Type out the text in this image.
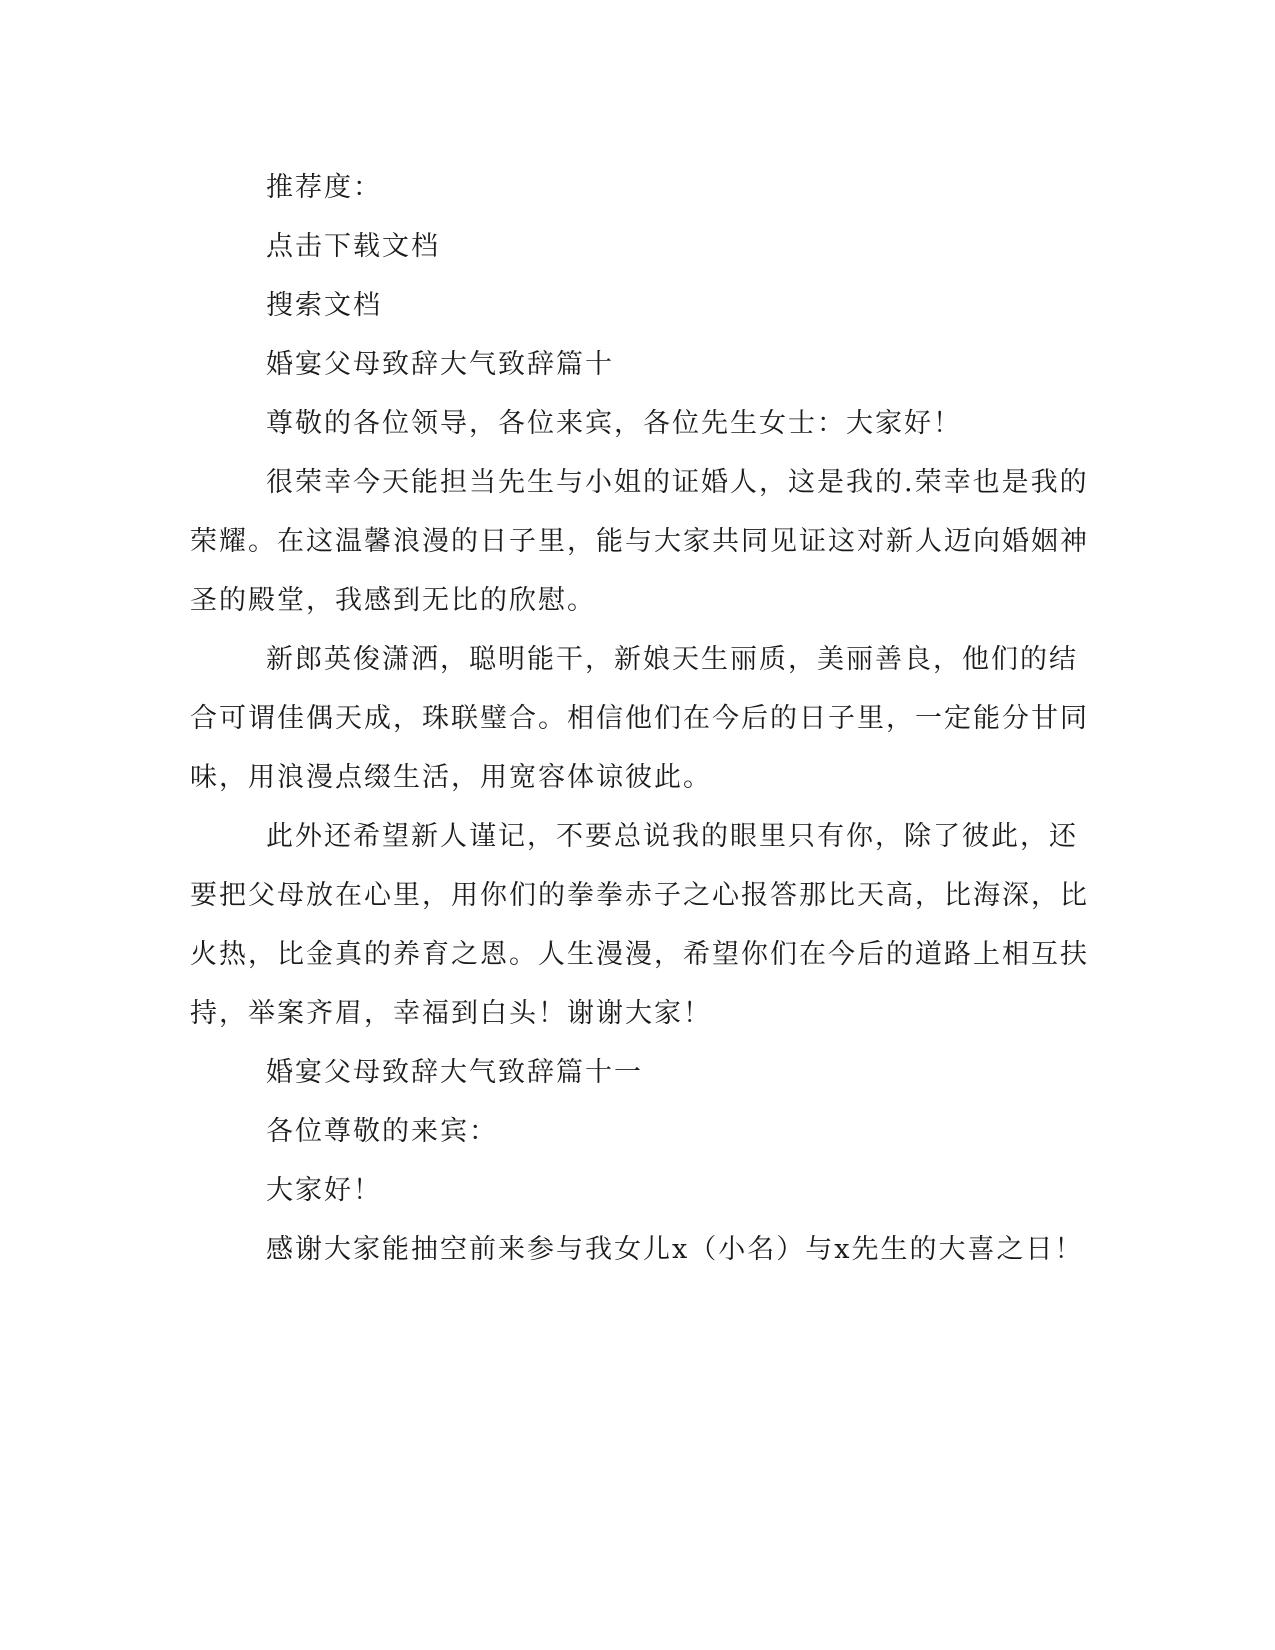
推荐度：

点击下载文档

搜索文档

婚宴父母致辞大气致辞篇十

尊敬的各位领导，各位来宾，各位先生女士：大家好！

很荣幸今天能担当先生与小姐的证婚人，这是我的.荣幸也是我的荣耀。在这温馨浪漫的日子里，能与大家共同见证这对新人迈向婚姻神圣的殿堂，我感到无比的欣慰。

新郎英俊潇洒，聪明能干，新娘天生丽质，美丽善良，他们的结合可谓佳偶天成，珠联璧合。相信他们在今后的日子里，一定能分甘同味，用浪漫点缀生活，用宽容体谅彼此。

此外还希望新人谨记，不要总说我的眼里只有你，除了彼此，还要把父母放在心里，用你们的拳拳赤子之心报答那比天高，比海深，比火热，比金真的养育之恩。人生漫漫，希望你们在今后的道路上相互扶持，举案齐眉，幸福到白头！谢谢大家！

婚宴父母致辞大气致辞篇十一

各位尊敬的来宾：

大家好！

感谢大家能抽空前来参与我女儿x（小名）与x先生的大喜之日！
